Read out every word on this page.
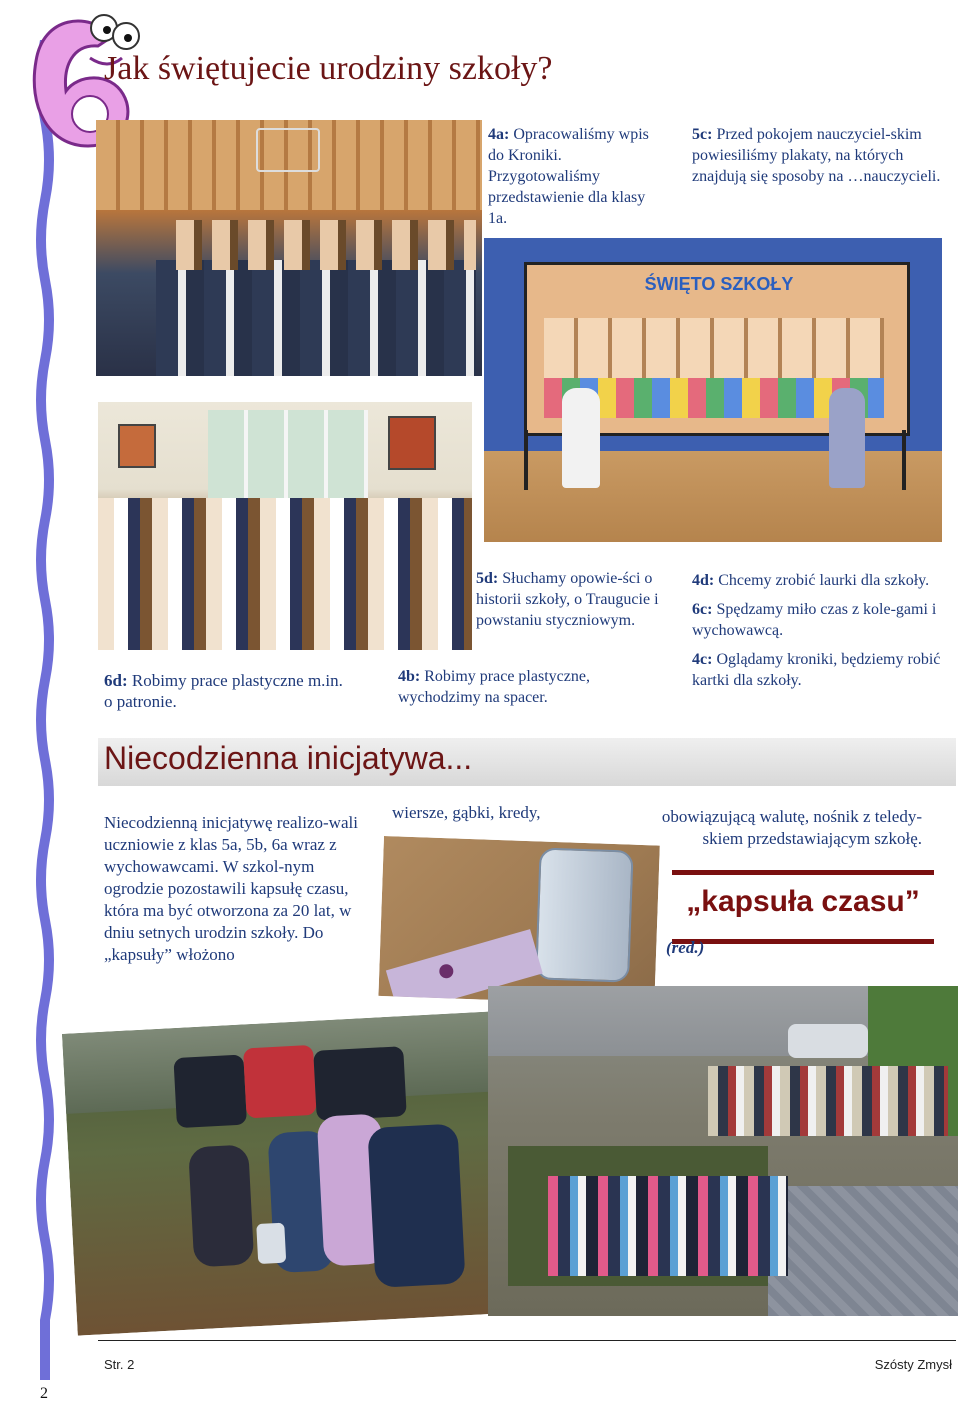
Jak świętujecie urodziny szkoły?
4a: Opracowaliśmy wpis do Kroniki. Przygotowaliśmy przedstawienie dla klasy 1a.
5c: Przed pokojem nauczyciel-skim powiesiliśmy plakaty, na których znajdują się sposoby na …nauczycieli.
ŚWIĘTO SZKOŁY
6d: Robimy prace plastyczne m.in. o patronie.
5d: Słuchamy opowie-ści o historii szkoły, o Traugucie i powstaniu styczniowym.
4b: Robimy prace plastyczne, wychodzimy na spacer.
4d: Chcemy zrobić laurki dla szkoły.
6c: Spędzamy miło czas z kole-gami i wychowawcą.
4c: Oglądamy kroniki, będziemy robić kartki dla szkoły.
Niecodzienna inicjatywa...
Niecodzienną inicjatywę realizo-wali uczniowie z klas 5a, 5b, 6a wraz z wychowawcami. W szkol-nym ogrodzie pozostawili kapsułę czasu, która ma być otworzona za 20 lat, w dniu setnych urodzin szkoły. Do „kapsuły” włożono
wiersze, gąbki, kredy,	obowiązującą walutę, nośnik z teledy-skiem przedstawiającym szkołę.
„kapsuła czasu”
(red.)
Str. 2	Szósty Zmysł
2
